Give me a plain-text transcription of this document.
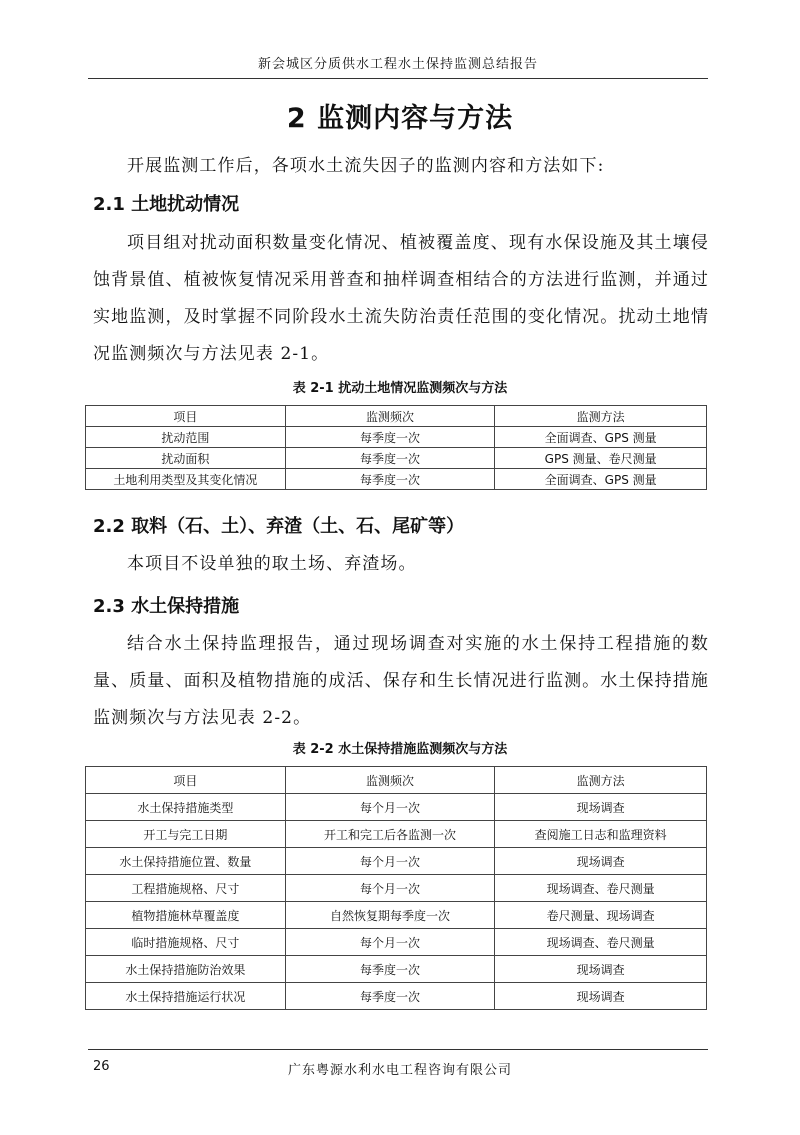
新会城区分质供水工程水土保持监测总结报告
2 监测内容与方法
开展监测工作后，各项水土流失因子的监测内容和方法如下:
2.1 土地扰动情况
项目组对扰动面积数量变化情况、植被覆盖度、现有水保设施及其土壤侵蚀背景值、植被恢复情况采用普查和抽样调查相结合的方法进行监测，并通过实地监测，及时掌握不同阶段水土流失防治责任范围的变化情况。扰动土地情况监测频次与方法见表 2-1。
表 2-1 扰动土地情况监测频次与方法
项目	监测频次	监测方法
扰动范围	每季度一次	全面调查、GPS 测量
扰动面积	每季度一次	GPS 测量、卷尺测量
土地利用类型及其变化情况	每季度一次	全面调查、GPS 测量
2.2 取料（石、土）、弃渣（土、石、尾矿等）
本项目不设单独的取土场、弃渣场。
2.3 水土保持措施
结合水土保持监理报告，通过现场调查对实施的水土保持工程措施的数量、质量、面积及植物措施的成活、保存和生长情况进行监测。水土保持措施监测频次与方法见表 2-2。
表 2-2 水土保持措施监测频次与方法
项目	监测频次	监测方法
水土保持措施类型	每个月一次	现场调查
开工与完工日期	开工和完工后各监测一次	查阅施工日志和监理资料
水土保持措施位置、数量	每个月一次	现场调查
工程措施规格、尺寸	每个月一次	现场调查、卷尺测量
植物措施林草覆盖度	自然恢复期每季度一次	卷尺测量、现场调查
临时措施规格、尺寸	每个月一次	现场调查、卷尺测量
水土保持措施防治效果	每季度一次	现场调查
水土保持措施运行状况	每季度一次	现场调查
26	广东粤源水利水电工程咨询有限公司
